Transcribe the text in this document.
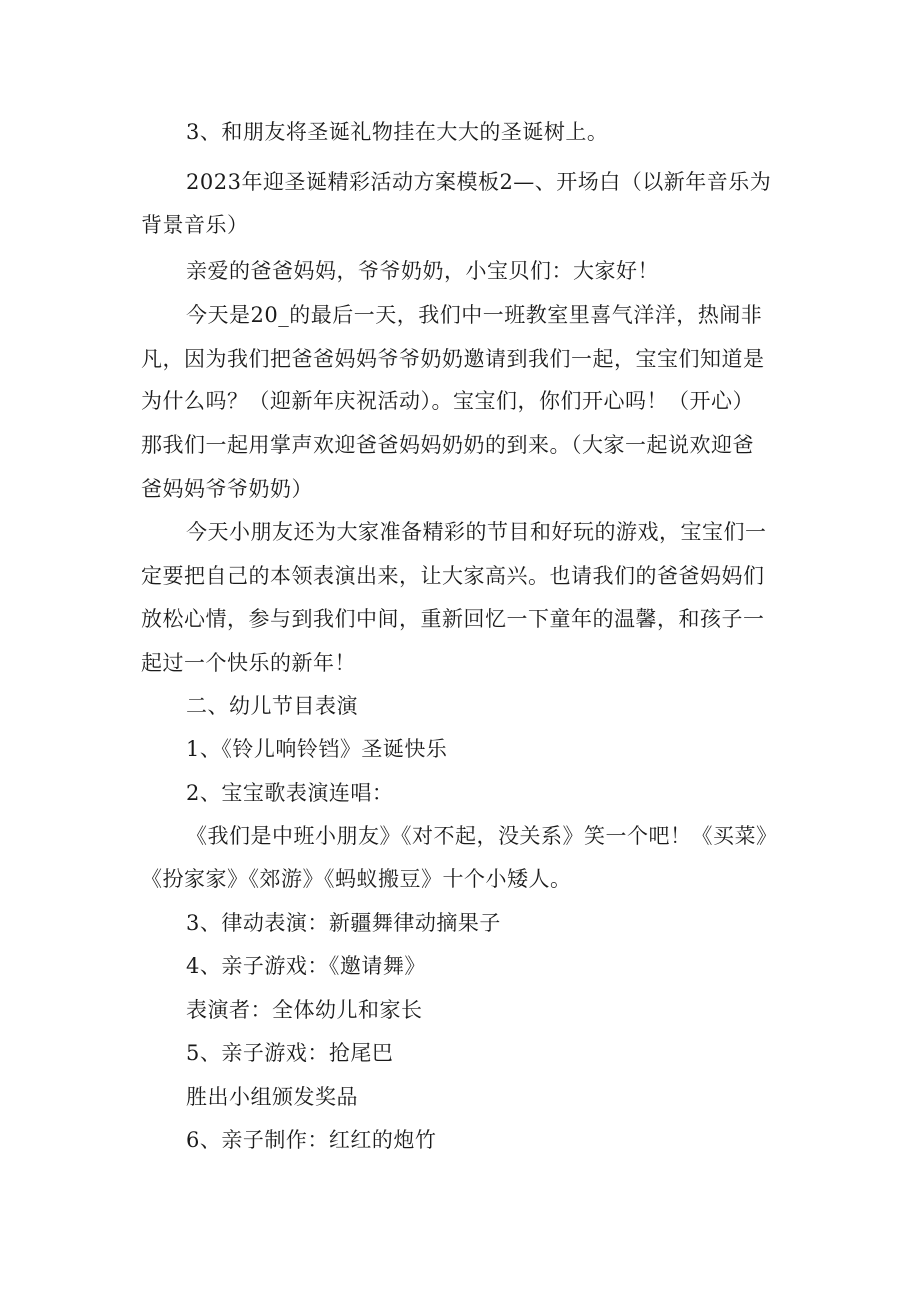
3、和朋友将圣诞礼物挂在大大的圣诞树上。
2023年迎圣诞精彩活动方案模板2—、开场白（以新年音乐为
背景音乐）
亲爱的爸爸妈妈，爷爷奶奶，小宝贝们：大家好！
今天是20_的最后一天，我们中一班教室里喜气洋洋，热闹非
凡，因为我们把爸爸妈妈爷爷奶奶邀请到我们一起，宝宝们知道是
为什么吗？（迎新年庆祝活动）。宝宝们，你们开心吗！（开心）
那我们一起用掌声欢迎爸爸妈妈奶奶的到来。（大家一起说欢迎爸
爸妈妈爷爷奶奶）
今天小朋友还为大家准备精彩的节目和好玩的游戏，宝宝们一
定要把自己的本领表演出来，让大家高兴。也请我们的爸爸妈妈们
放松心情，参与到我们中间，重新回忆一下童年的温馨，和孩子一
起过一个快乐的新年！
二、幼儿节目表演
1、《铃儿响铃铛》圣诞快乐
2、宝宝歌表演连唱：
《我们是中班小朋友》《对不起，没关系》笑一个吧！《买菜》
《扮家家》《郊游》《蚂蚁搬豆》十个小矮人。
3、律动表演：新疆舞律动摘果子
4、亲子游戏：《邀请舞》
表演者：全体幼儿和家长
5、亲子游戏：抢尾巴
胜出小组颁发奖品
6、亲子制作：红红的炮竹
